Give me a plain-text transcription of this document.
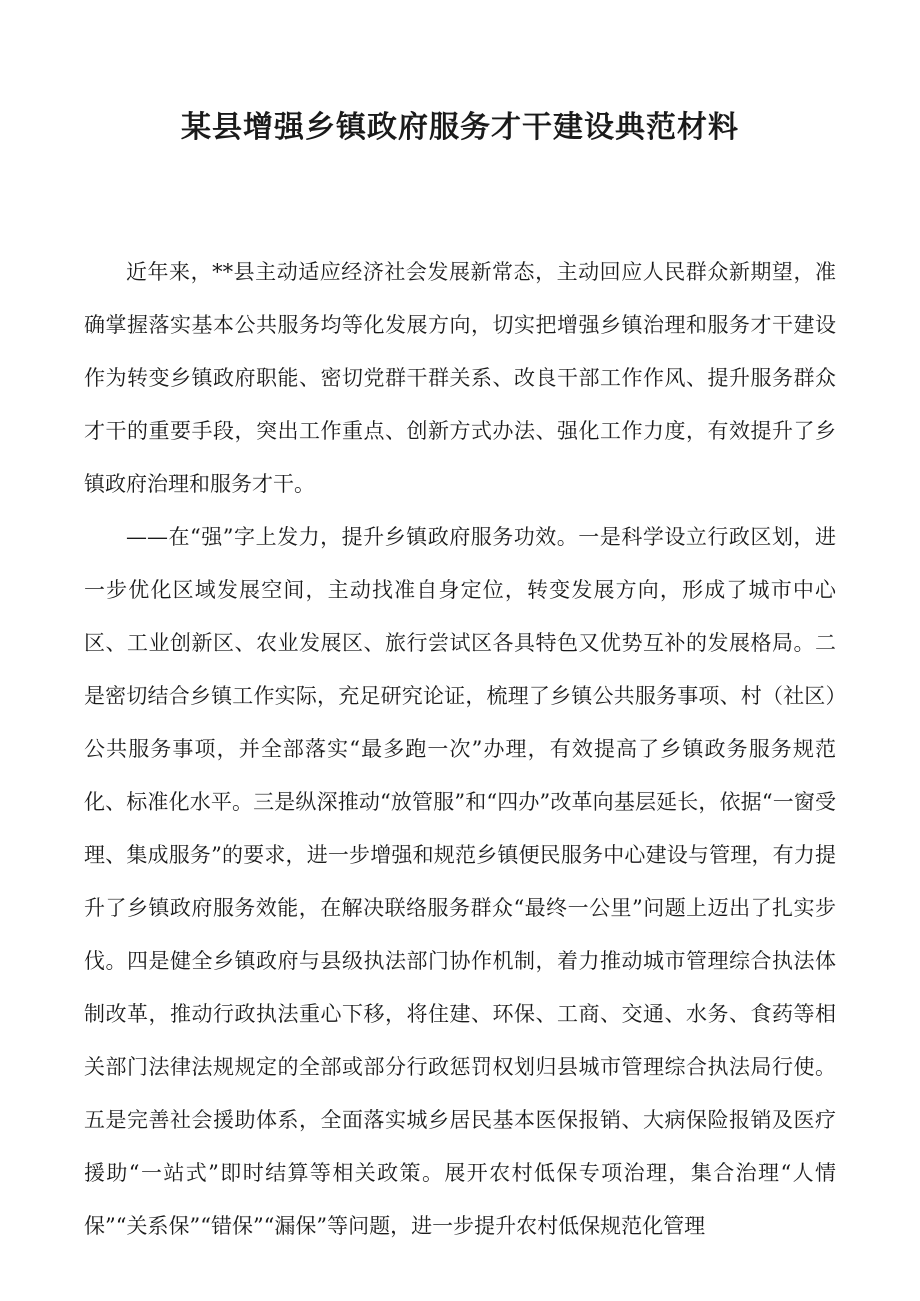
某县增强乡镇政府服务才干建设典范材料

近年来，**县主动适应经济社会发展新常态，主动回应人民群众新期望，准确掌握落实基本公共服务均等化发展方向，切实把增强乡镇治理和服务才干建设作为转变乡镇政府职能、密切党群干群关系、改良干部工作作风、提升服务群众才干的重要手段，突出工作重点、创新方式办法、强化工作力度，有效提升了乡镇政府治理和服务才干。

——在“强”字上发力，提升乡镇政府服务功效。一是科学设立行政区划，进一步优化区域发展空间，主动找准自身定位，转变发展方向，形成了城市中心区、工业创新区、农业发展区、旅行尝试区各具特色又优势互补的发展格局。二是密切结合乡镇工作实际，充足研究论证，梳理了乡镇公共服务事项、村（社区）公共服务事项，并全部落实“最多跑一次”办理，有效提高了乡镇政务服务规范化、标准化水平。三是纵深推动“放管服”和“四办”改革向基层延长，依据“一窗受理、集成服务”的要求，进一步增强和规范乡镇便民服务中心建设与管理，有力提升了乡镇政府服务效能，在解决联络服务群众“最终一公里”问题上迈出了扎实步伐。四是健全乡镇政府与县级执法部门协作机制，着力推动城市管理综合执法体制改革，推动行政执法重心下移，将住建、环保、工商、交通、水务、食药等相关部门法律法规规定的全部或部分行政惩罚权划归县城市管理综合执法局行使。五是完善社会援助体系，全面落实城乡居民基本医保报销、大病保险报销及医疗援助“一站式”即时结算等相关政策。展开农村低保专项治理，集合治理“人情保”“关系保”“错保”“漏保”等问题，进一步提升农村低保规范化管理
